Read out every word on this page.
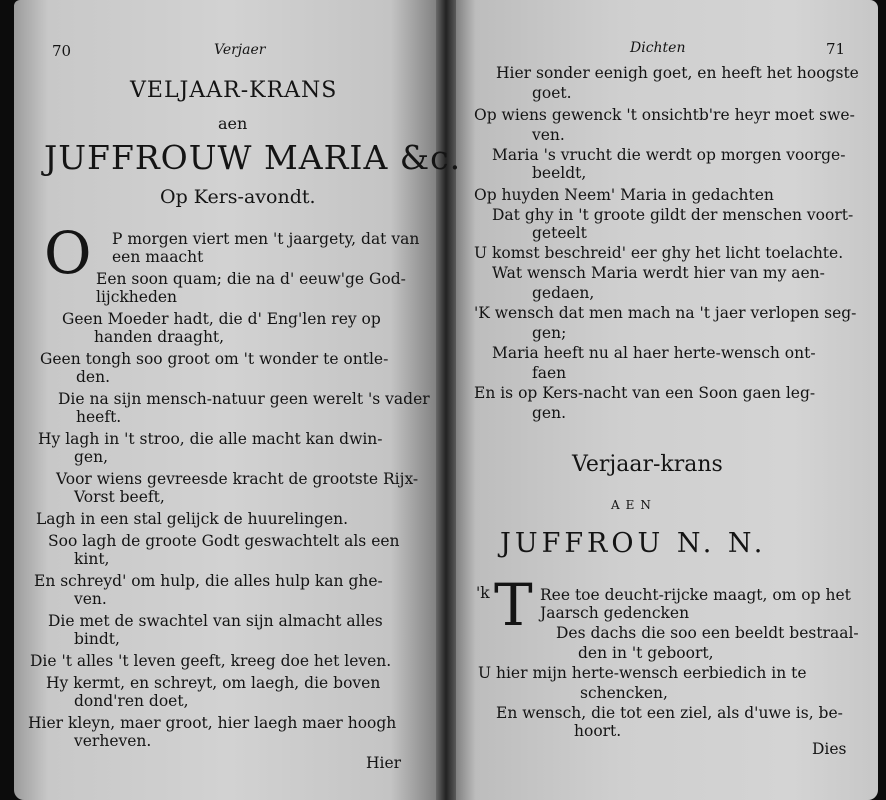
70	Verjaer
VELJAAR-KRANS
aen
JUFFROUW MARIA &c.
Op Kers-avondt.
O P morgen viert men 't jaargety, dat van
een maacht
Een soon quam; die na d' eeuw'ge God-
lijckheden
Geen Moeder hadt, die d' Eng'len rey op
handen draaght,
Geen tongh soo groot om 't wonder te ontle-
den.
Die na sijn mensch-natuur geen werelt 's vader
heeft.
Hy lagh in 't stroo, die alle macht kan dwin-
gen,
Voor wiens gevreesde kracht de grootste Rijx-
Vorst beeft,
Lagh in een stal gelijck de huurelingen.
Soo lagh de groote Godt geswachtelt als een
kint,
En schreyd' om hulp, die alles hulp kan ghe-
ven.
Die met de swachtel van sijn almacht alles
bindt,
Die 't alles 't leven geeft, kreeg doe het leven.
Hy kermt, en schreyt, om laegh, die boven
dond'ren doet,
Hier kleyn, maer groot, hier laegh maer hoogh
verheven.
Hier
Dichten	71
Hier sonder eenigh goet, en heeft het hoogste
goet.
Op wiens gewenck 't onsichtb're heyr moet swe-
ven.
Maria 's vrucht die werdt op morgen voorge-
beeldt,
Op huyden Neem' Maria in gedachten
Dat ghy in 't groote gildt der menschen voort-
geteelt
U komst beschreid' eer ghy het licht toelachte.
Wat wensch Maria werdt hier van my aen-
gedaen,
'K wensch dat men mach na 't jaer verlopen seg-
gen;
Maria heeft nu al haer herte-wensch ont-
faen
En is op Kers-nacht van een Soon gaen leg-
gen.
Verjaar-krans
AEN
JUFFROU N. N.
'k T Ree toe deucht-rijcke maagt, om op het
Jaarsch gedencken
Des dachs die soo een beeldt bestraal-
den in 't geboort,
U hier mijn herte-wensch eerbiedich in te
schencken,
En wensch, die tot een ziel, als d'uwe is, be-
hoort.
Dies
